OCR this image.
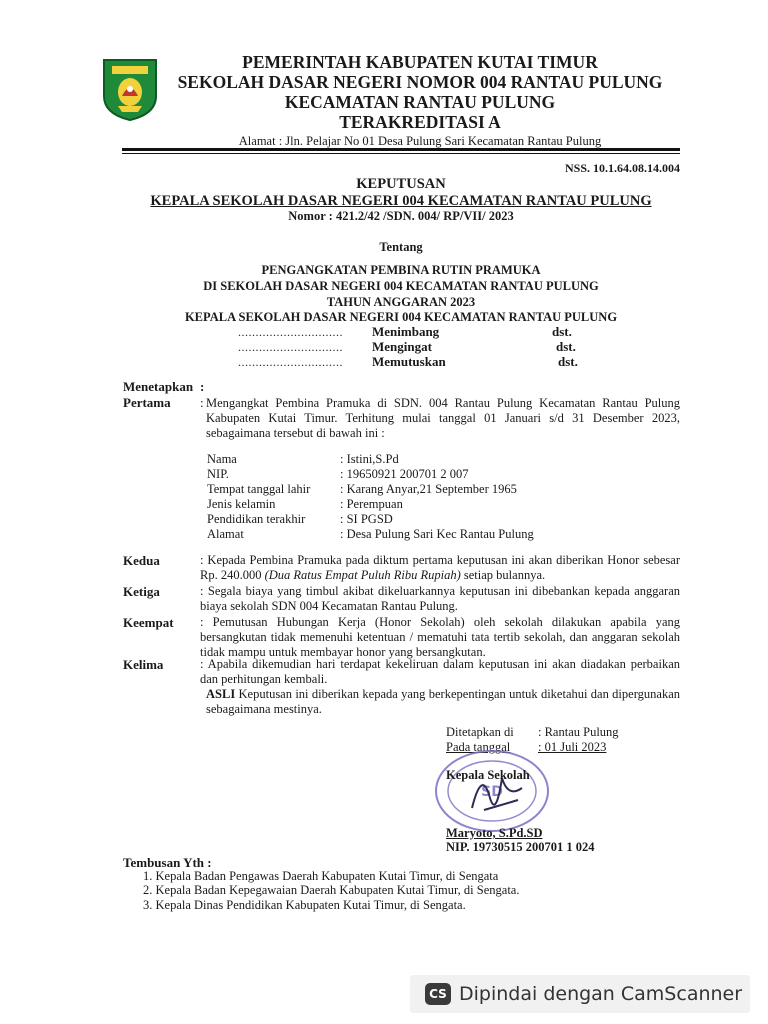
PEMERINTAH KABUPATEN KUTAI TIMUR
SEKOLAH DASAR NEGERI NOMOR 004 RANTAU PULUNG
KECAMATAN RANTAU PULUNG
TERAKREDITASI A
Alamat : Jln. Pelajar No 01 Desa Pulung Sari Kecamatan Rantau Pulung
NSS. 10.1.64.08.14.004
KEPUTUSAN
KEPALA SEKOLAH DASAR NEGERI 004 KECAMATAN RANTAU PULUNG
Nomor : 421.2/42 /SDN. 004/ RP/VII/ 2023
Tentang
PENGANGKATAN PEMBINA RUTIN PRAMUKA
DI SEKOLAH DASAR NEGERI 004 KECAMATAN RANTAU PULUNG
TAHUN ANGGARAN 2023
KEPALA SEKOLAH DASAR NEGERI 004 KECAMATAN RANTAU PULUNG
.............................. Menimbang	dst.
.............................. Mengingat	dst.
.............................. Memutuskan	dst.
Menetapkan :
Pertama : Mengangkat Pembina Pramuka di SDN. 004 Rantau Pulung Kecamatan Rantau Pulung Kabupaten Kutai Timur. Terhitung mulai tanggal 01 Januari s/d 31 Desember 2023, sebagaimana tersebut di bawah ini :
Nama	: Istini,S.Pd
NIP.	: 19650921 200701 2 007
Tempat tanggal lahir : Karang Anyar,21 September 1965
Jenis kelamin	: Perempuan
Pendidikan terakhir	: SI PGSD
Alamat	: Desa Pulung Sari Kec Rantau Pulung
Kedua	: Kepada Pembina Pramuka pada diktum pertama keputusan ini akan diberikan Honor sebesar Rp. 240.000 (Dua Ratus Empat Puluh Ribu Rupiah) setiap bulannya.
Ketiga	: Segala biaya yang timbul akibat dikeluarkannya keputusan ini dibebankan kepada anggaran biaya sekolah SDN 004 Kecamatan Rantau Pulung.
Keempat : Pemutusan Hubungan Kerja (Honor Sekolah) oleh sekolah dilakukan apabila yang bersangkutan tidak memenuhi ketentuan / mematuhi tata tertib sekolah, dan anggaran sekolah tidak mampu untuk membayar honor yang bersangkutan.
Kelima	: Apabila dikemudian hari terdapat kekeliruan dalam keputusan ini akan diadakan perbaikan dan perhitungan kembali.
ASLI Keputusan ini diberikan kepada yang berkepentingan untuk diketahui dan dipergunakan sebagaimana mestinya.
Ditetapkan di : Rantau Pulung
Pada tanggal : 01 Juli 2023
SD
Kepala Sekolah
Maryoto, S.Pd.SD
NIP. 19730515 200701 1 024
Tembusan Yth :
1. Kepala Badan Pengawas Daerah Kabupaten Kutai Timur, di Sengata
2. Kepala Badan Kepegawaian Daerah Kabupaten Kutai Timur, di Sengata.
3. Kepala Dinas Pendidikan Kabupaten Kutai Timur, di Sengata.
CS Dipindai dengan CamScanner
